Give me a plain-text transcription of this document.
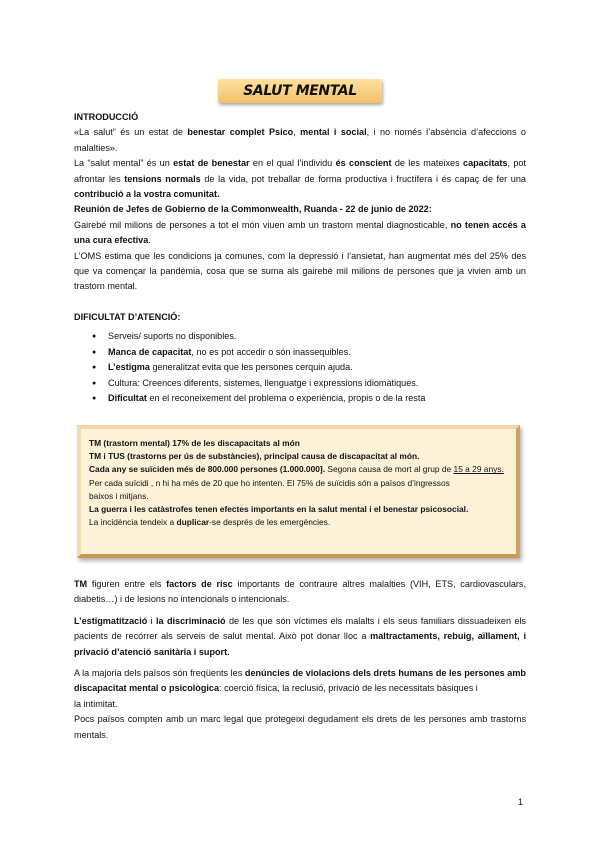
SALUT MENTAL

INTRODUCCIÓ

«La salut” és un estat de benestar complet Psico, mental i social, i no només l’absència d’afeccions o malalties».

La “salut mental” és un estat de benestar en el qual l’individu és conscient de les mateixes capacitats, pot afrontar les tensions normals de la vida, pot treballar de forma productiva i fructífera i és capaç de fer una contribució a la vostra comunitat.

Reunión de Jefes de Gobierno de la Commonwealth, Ruanda - 22 de junio de 2022:

Gairebé mil milions de persones a tot el món viuen amb un trastorn mental diagnosticable, no tenen accés a una cura efectiva.

L’OMS estima que les condicions ja comunes, com la depressió i l’ansietat, han augmentat més del 25% des que va començar la pandèmia, cosa que se suma als gairebé mil milions de persones que ja vivien amb un trastorn mental.

DIFICULTAT D’ATENCIÓ:

● Serveis/ suports no disponibles.
● Manca de capacitat, no es pot accedir o són inassequibles.
● L’estigma generalitzat evita que les persones cerquin ajuda.
● Cultura: Creences diferents, sistemes, llenguatge i expressions idiomàtiques.
● Dificultat en el reconeixement del problema o experiència, propis o de la resta

TM (trastorn mental) 17% de les discapacitats al món

TM i TUS (trastorns per ús de substàncies), principal causa de discapacitat al món.

Cada any se suïciden més de 800.000 persones (1.000.000]. Segona causa de mort al grup de 15 a 29 anys.

Per cada suïcidi , n hi ha més de 20 que ho intenten. El 75% de suïcidis són a països d’ingressos

baixos i mitjans.

La guerra i les catàstrofes tenen efectes importants en la salut mental i el benestar psicosocial.

La incidència tendeix a duplicar-se després de les emergències.

TM figuren entre els factors de risc importants de contraure altres malalties (VIH, ETS, cardiovasculars, diabetis…) i de lesions no intencionals o intencionals.

L’estigmatització i la discriminació de les que són víctimes els malalts i els seus familiars dissuadeixen els pacients de recórrer als serveis de salut mental. Això pot donar lloc a maltractaments, rebuig, aïllament, i privació d’atenció sanitària i suport.

A la majoria dels països són freqüents les denúncies de violacions dels drets humans de les persones amb discapacitat mental o psicològica: coerció física, la reclusió, privació de les necessitats bàsiques i

la intimitat.

Pocs països compten amb un marc legal que protegeixi degudament els drets de les persones amb trastorns mentals.

1
